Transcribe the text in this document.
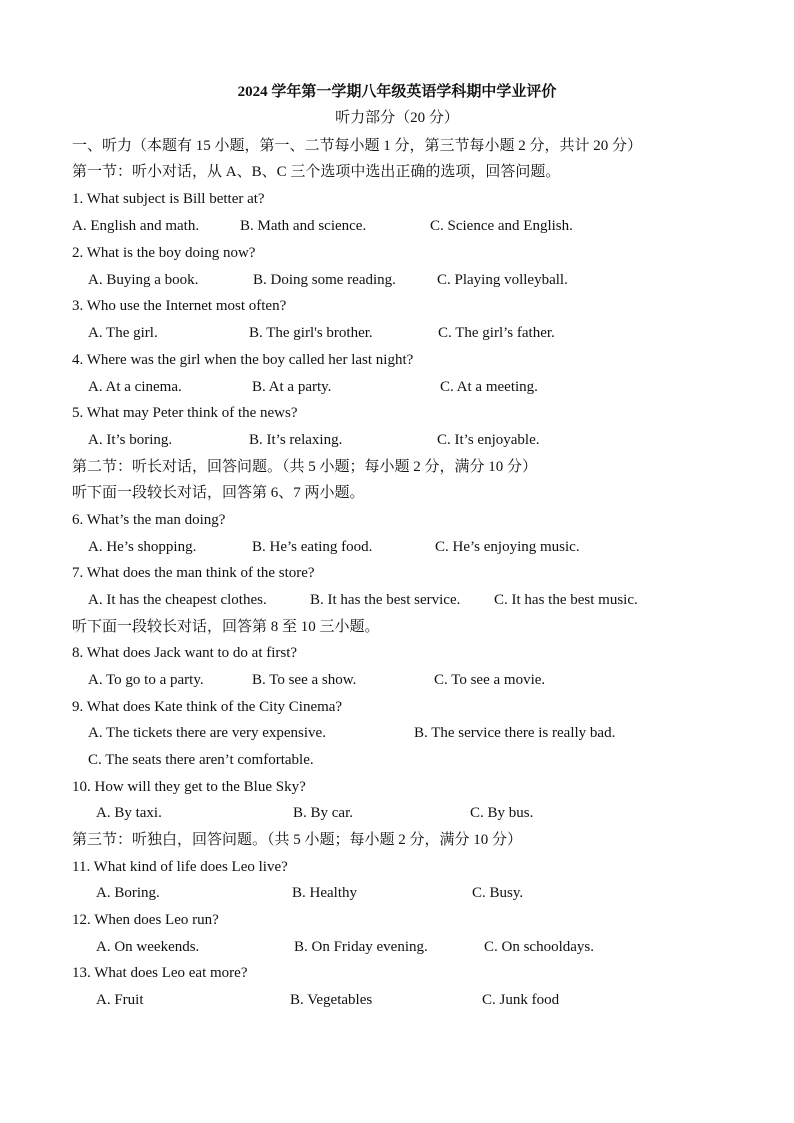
2024 学年第一学期八年级英语学科期中学业评价
听力部分（20 分）
一、听力（本题有 15 小题，第一、二节每小题 1 分，第三节每小题 2 分，共计 20 分）
第一节：听小对话，从 A、B、C 三个选项中选出正确的选项，回答问题。
1. What subject is Bill better at?
A. English and math.	B. Math and science.	C. Science and English.
2. What is the boy doing now?
A. Buying a book.	B. Doing some reading.	C. Playing volleyball.
3. Who use the Internet most often?
A. The girl.	B. The girl's brother.	C. The girl’s father.
4. Where was the girl when the boy called her last night?
A. At a cinema.	B. At a party.	C. At a meeting.
5. What may Peter think of the news?
A. It’s boring.	B. It’s relaxing.	C. It’s enjoyable.
第二节：听长对话，回答问题。（共 5 小题；每小题 2 分，满分 10 分）
听下面一段较长对话，回答第 6、7 两小题。
6. What’s the man doing?
A. He’s shopping.	B. He’s eating food.	C. He’s enjoying music.
7. What does the man think of the store?
A. It has the cheapest clothes.	B. It has the best service. C. It has the best music.
听下面一段较长对话，回答第 8 至 10 三小题。
8. What does Jack want to do at first?
A. To go to a party.	B. To see a show.	C. To see a movie.
9. What does Kate think of the City Cinema?
A. The tickets there are very expensive.	B. The service there is really bad.
C. The seats there aren’t comfortable.
10. How will they get to the Blue Sky?
A. By taxi.	B. By car.	C. By bus.
第三节：听独白，回答问题。（共 5 小题；每小题 2 分，满分 10 分）
11. What kind of life does Leo live?
A. Boring.	B. Healthy	C. Busy.
12. When does Leo run?
A. On weekends.	B. On Friday evening.	C. On schooldays.
13. What does Leo eat more?
A. Fruit	B. Vegetables	C. Junk food
